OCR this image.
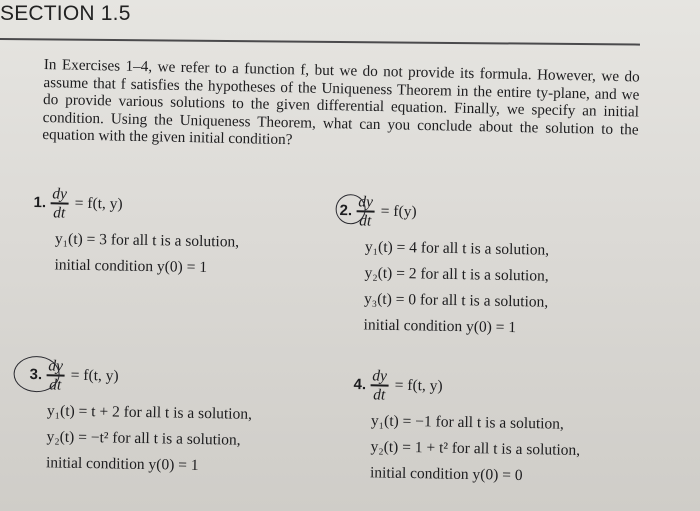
SECTION 1.5
In Exercises 1–4, we refer to a function f, but we do not provide its formula. However, we do assume that f satisfies the hypotheses of the Uniqueness Theorem in the entire ty-plane, and we do provide various solutions to the given differential equation. Finally, we specify an initial condition. Using the Uniqueness Theorem, what can you conclude about the solution to the equation with the given initial condition?
1. $\frac{dy}{dt} = f(t$, y)
y₁(t) = 3 for all t is a solution,
initial condition y(0) = 1
2. $\frac{dy}{dt} = f(y)$
y₁(t) = 4 for all t is a solution,
y₂(t) = 2 for all t is a solution,
y₃(t) = 0 for all t is a solution,
initial condition y(0) = 1
3. $\frac{dy}{dt} = f(t$, y)
y₁(t) = t + 2 for all t is a solution,
y₂(t) = −t² for all t is a solution,
initial condition y(0) = 1
4. $\frac{dy}{dt} = f(t$, y)
y₁(t) = −1 for all t is a solution,
y₂(t) = 1 + t² for all t is a solution,
initial condition y(0) = 0
